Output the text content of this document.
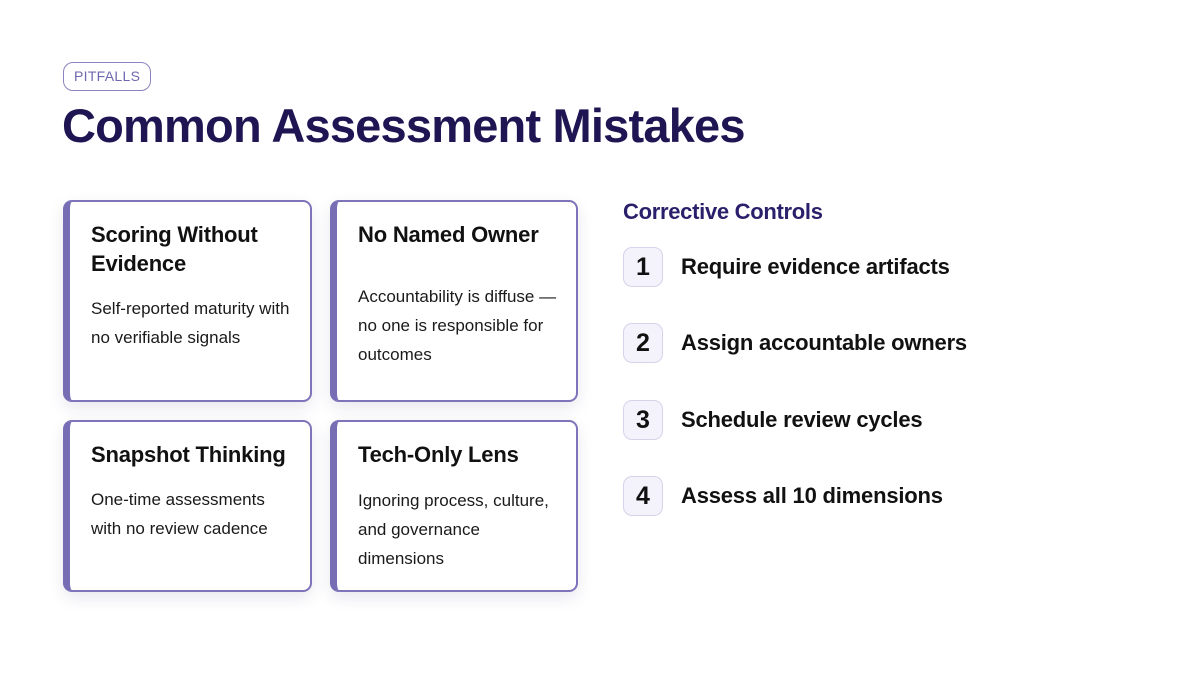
PITFALLS
Common Assessment Mistakes
Scoring Without Evidence
Self-reported maturity with no verifiable signals
No Named Owner
Accountability is diffuse — no one is responsible for outcomes
Snapshot Thinking
One-time assessments with no review cadence
Tech-Only Lens
Ignoring process, culture, and governance dimensions
Corrective Controls
1	Require evidence artifacts
2	Assign accountable owners
3	Schedule review cycles
4	Assess all 10 dimensions
